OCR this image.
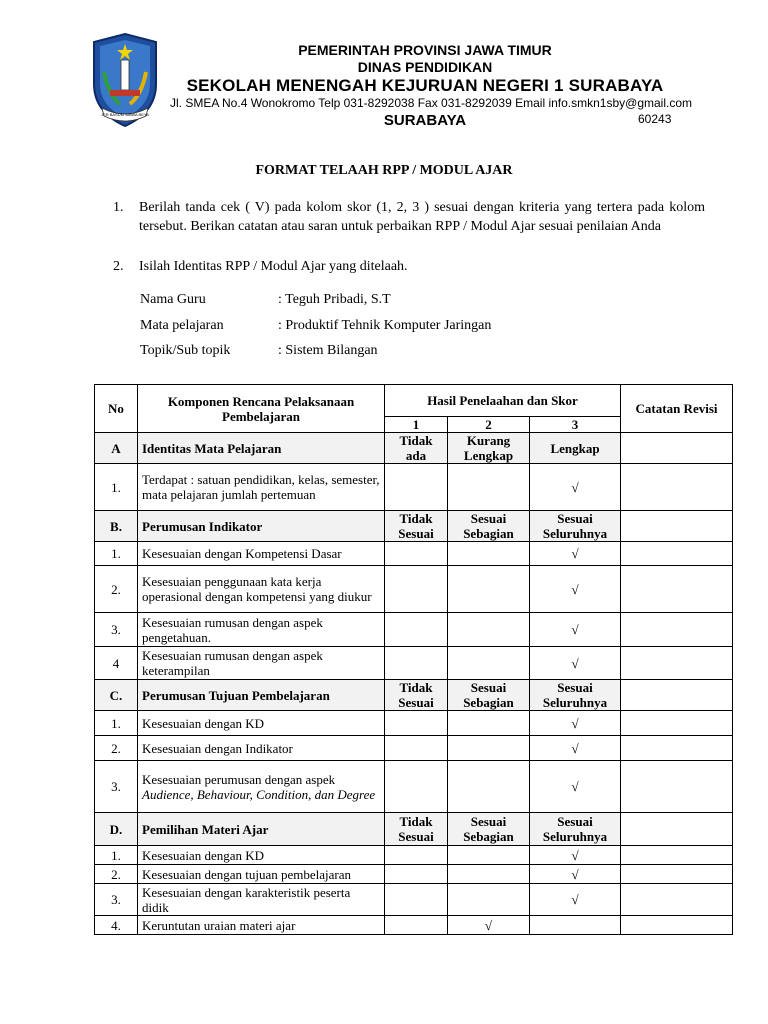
JER BASUKI MAWA BEYA
PEMERINTAH PROVINSI JAWA TIMUR
DINAS PENDIDIKAN
SEKOLAH MENENGAH KEJURUAN NEGERI 1 SURABAYA
Jl. SMEA No.4 Wonokromo Telp 031-8292038 Fax 031-8292039 Email info.smkn1sby@gmail.com
SURABAYA	60243
FORMAT TELAAH RPP / MODUL AJAR
1. Berilah tanda cek ( V) pada kolom skor (1, 2, 3 ) sesuai dengan kriteria yang tertera pada kolom tersebut. Berikan catatan atau saran untuk perbaikan RPP / Modul Ajar sesuai penilaian Anda
2. Isilah Identitas RPP / Modul Ajar yang ditelaah.
Nama Guru	: Teguh Pribadi, S.T
Mata pelajaran	: Produktif Tehnik Komputer Jaringan
Topik/Sub topik	: Sistem Bilangan
No	Komponen Rencana Pelaksanaan Pembelajaran	Hasil Penelaahan dan Skor			Catatan Revisi
		1	2	3	
A	Identitas Mata Pelajaran	Tidak ada	Kurang Lengkap	Lengkap	
1.	Terdapat : satuan pendidikan, kelas, semester, mata pelajaran jumlah pertemuan			√	
B.	Perumusan Indikator	Tidak Sesuai	Sesuai Sebagian	Sesuai Seluruhnya	
1.	Kesesuaian dengan Kompetensi Dasar			√	
2.	Kesesuaian penggunaan kata kerja operasional dengan kompetensi yang diukur			√	
3.	Kesesuaian rumusan dengan aspek pengetahuan.			√	
4	Kesesuaian rumusan dengan aspek keterampilan			√	
C.	Perumusan Tujuan Pembelajaran	Tidak Sesuai	Sesuai Sebagian	Sesuai Seluruhnya	
1.	Kesesuaian dengan KD			√	
2.	Kesesuaian dengan Indikator			√	
3.	Kesesuaian perumusan dengan aspek
Audience, Behaviour, Condition, dan Degree			√	
D.	Pemilihan Materi Ajar	Tidak Sesuai	Sesuai Sebagian	Sesuai Seluruhnya	
1.	Kesesuaian dengan KD			√	
2.	Kesesuaian dengan tujuan pembelajaran			√	
3.	Kesesuaian dengan karakteristik peserta didik			√	
4.	Keruntutan uraian materi ajar		√		
